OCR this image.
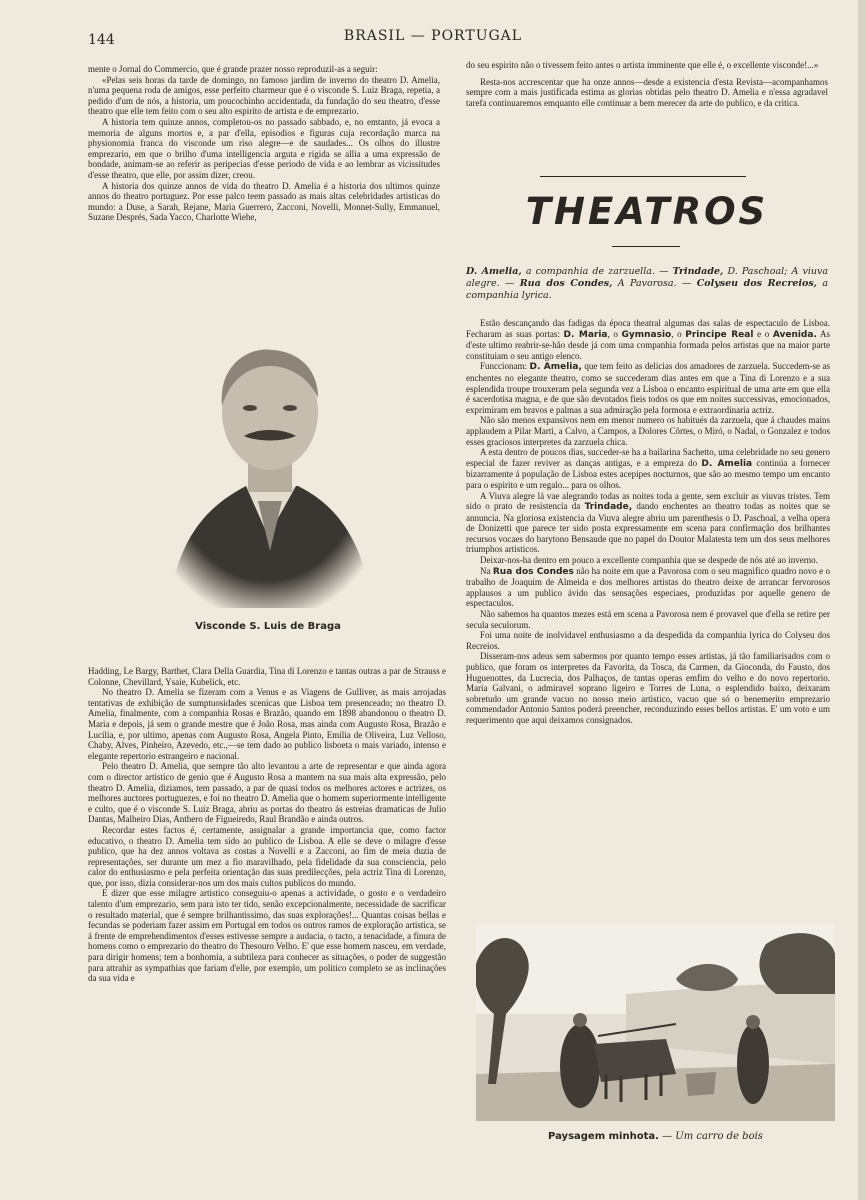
144	BRASIL — PORTUGAL

mente o Jornal do Commercio, que é grande prazer nosso reproduzil-as a seguir:

«Pelas seis horas da tarde de domingo, no famoso jardim de inverno do theatro D. Amelia, n'uma pequena roda de amigos, esse perfeito charmeur que é o visconde S. Luiz Braga, repetia, a pedido d'um de nós, a historia, um poucochinho accidentada, da fundação do seu theatro, d'esse theatro que elle tem feito com o seu alto espirito de artista e de emprezario.

A historia tem quinze annos, completou-os no passado sabbado, e, no emtanto, já evoca a memoria de alguns mortos e, a par d'ella, episodios e figuras cuja recordação marca na physionomia franca do visconde um riso alegre—e de saudades... Os olhos do illustre emprezario, em que o brilho d'uma intelligencia arguta e rigida se allia a uma expressão de bondade, animam-se ao referir as peripecias d'esse periodo de vida e ao lembrar as vicissitudes d'esse theatro, que elle, por assim dizer, creou.

A historia dos quinze annos de vida do theatro D. Amelia é a historia dos ultimos quinze annos do theatro portuguez. Por esse palco teem passado as mais altas celebridades artisticas do mundo: a Duse, a Sarah, Rejane, Maria Guerrero, Zacconi, Novelli, Monnet-Sully, Emmanuel, Suzane Després, Sada Yacco, Charlotte Wiehe,

Visconde S. Luis de Braga

Hadding, Le Bargy, Barthet, Clara Della Guardia, Tina di Lorenzo e tantas outras a par de Strauss e Colonne, Chevillard, Ysaie, Kubelick, etc.

No theatro D. Amelia se fizeram com a Venus e as Viagens de Gulliver, as mais arrojadas tentativas de exhibição de sumptuosidades scenicas que Lisboa tem presenceado; no theatro D. Amelia, finalmente, com a companhia Rosas e Brazão, quando em 1898 abandonou o theatro D. Maria e depois, já sem o grande mestre que é João Rosa, mas ainda com Augusto Rosa, Brazão e Lucilia, e, por ultimo, apenas com Augusto Rosa, Angela Pinto, Emilia de Oliveira, Luz Velloso, Chaby, Alves, Pinheiro, Azevedo, etc.,—se tem dado ao publico lisboeta o mais variado, intenso e elegante repertorio estrangeiro e nacional.

Pelo theatro D. Amelia, que sempre tão alto levantou a arte de representar e que ainda agora com o director artistico de genio que é Augusto Rosa a mantem na sua mais alta expressão, pelo theatro D. Amelia, diziamos, tem passado, a par de quasi todos os melhores actores e actrizes, os melhores auctores portuguezes, e foi no theatro D. Amelia que o homem superiormente intelligente e culto, que é o visconde S. Luiz Braga, abriu as portas do theatro ás estreias dramaticas de Julio Dantas, Malheiro Dias, Anthero de Figueiredo, Raul Brandão e ainda outros.

Recordar estes factos é, certamente, assignalar a grande importancia que, como factor educativo, o theatro D. Amelia tem sido ao publico de Lisboa. A elle se deve o milagre d'esse publico, que ha dez annos voltava as costas a Novelli e a Zacconi, ao fim de meia duzia de representações, ser durante um mez a fio maravilhado, pela fidelidade da sua consciencia, pelo calor do enthusiasmo e pela perfeita orientação das suas predilecções, pela actriz Tina di Lorenzo, que, por isso, dizia considerar-nos um dos mais cultos publicos do mundo.

E dizer que esse milagre artistico conseguiu-o apenas a actividade, o gosto e o verdadeiro talento d'um emprezario, sem para isto ter tido, senão excepcionalmente, necessidade de sacrificar o resultado material, que é sempre brilhantissimo, das suas explorações!... Quantas coisas bellas e fecundas se poderiam fazer assim em Portugal em todos os outros ramos de exploração artistica, se á frente de emprehendimentos d'esses estivesse sempre a audacia, o tacto, a tenacidade, a finura de homens como o emprezario do theatro do Thesouro Velho. E' que esse homem nasceu, em verdade, para dirigir homens; tem a bonhomia, a subtileza para conhecer as situações, o poder de suggestão para attrahir as sympathias que fariam d'elle, por exemplo, um politico completo se as inclinações da sua vida e

do seu espirito não o tivessem feito antes o artista imminente que elle é, o excellente visconde!...»

Resta-nos accrescentar que ha onze annos—desde a existencia d'esta Revista—acompanhamos sempre com a mais justificada estima as glorias obtidas pelo theatro D. Amelia e n'essa agradavel tarefa continuaremos emquanto elle continuar a bem merecer da arte do publico, e da critica.

THEATROS
D. Amelia, a companhia de zarzuella. — Trindade, D. Paschoal; A viuva alegre. — Rua dos Condes, A Pavorosa. — Colyseu dos Recreios, a companhia lyrica.

Estão descançando das fadigas da época theatral algumas das salas de espectaculo de Lisboa. Fecharam as suas portas: D. Maria, o Gymnasio, o Principe Real e o Avenida. As d'este ultimo reabrir-se-hão desde já com uma companhia formada pelos artistas que na maior parte constituiam o seu antigo elenco.

Funccionam: D. Amelia, que tem feito as delicias dos amadores de zarzuela. Succedem-se as enchentes no elegante theatro, como se succederam dias antes em que a Tina di Lorenzo e a sua esplendida troupe trouxeram pela segunda vez a Lisboa o encanto espiritual de uma arte em que ella é sacerdotisa magna, e de que são devotados fieis todos os que em noites successivas, emocionados, exprimiram em bravos e palmas a sua admiração pela formosa e extraordinaria actriz.

Não são menos expansivos nem em menor numero os habitués da zarzuela, que á chaudes mains applaudem a Pilar Marti, a Calvo, a Campos, a Dolores Côrtes, o Miró, o Nadal, o Gonzalez e todos esses graciosos interpretes da zarzuela chica.

A esta dentro de poucos dias, succeder-se ha a bailarina Sachetto, uma celebridade no seu genero especial de fazer reviver as danças antigas, e a empreza do D. Amelia continúa a fornecer bizarramente á população de Lisboa estes acepipes nocturnos, que são ao mesmo tempo um encanto para o espirito e um regalo... para os olhos.

A Viuva alegre lá vae alegrando todas as noites toda a gente, sem excluir as viuvas tristes. Tem sido o prato de resistencia da Trindade, dando enchentes ao theatro todas as noites que se annuncia. Na gloriosa existencia da Viuva alegre abriu um parenthesis o D. Paschoal, a velha opera de Donizetti que parece ter sido posta expressamente em scena para confirmação dos brilhantes recursos vocaes do barytono Bensaude que no papel do Doutor Malatesta tem um dos seus melhores triumphos artisticos.

Deixar-nos-ha dentro em pouco a excellente companhia que se despede de nós até ao inverno.

Na Rua dos Condes não ha noite em que a Pavorosa com o seu magnifico quadro novo e o trabalho de Joaquim de Almeida e dos melhores artistas do theatro deixe de arrancar fervorosos applausos a um publico ávido das sensações especiaes, produzidas por aquelle genero de espectaculos.

Não sabemos ha quantos mezes está em scena a Pavorosa nem é provavel que d'ella se retire per secula seculorum.

Foi uma noite de inolvidavel enthusiasmo a da despedida da companhia lyrica do Colyseu dos Recreios.

Disseram-nos adeus sem sabermos por quanto tempo esses artistas, já tão familiarisados com o publico, que foram os interpretes da Favorita, da Tosca, da Carmen, da Gioconda, do Fausto, dos Huguenottes, da Lucrecia, dos Palhaços, de tantas operas emfim do velho e do novo repertorio. Maria Galvani, o admiravel soprano ligeiro e Torres de Luna, o esplendido baixo, deixaram sobretudo um grande vacuo no nosso meio artistico, vacuo que só o benemerito emprezario commendador Antonio Santos poderá preencher, reconduzindo esses bellos artistas. E' um voto e um requerimento que aqui deixamos consignados.

Paysagem minhota. — Um carro de bois
